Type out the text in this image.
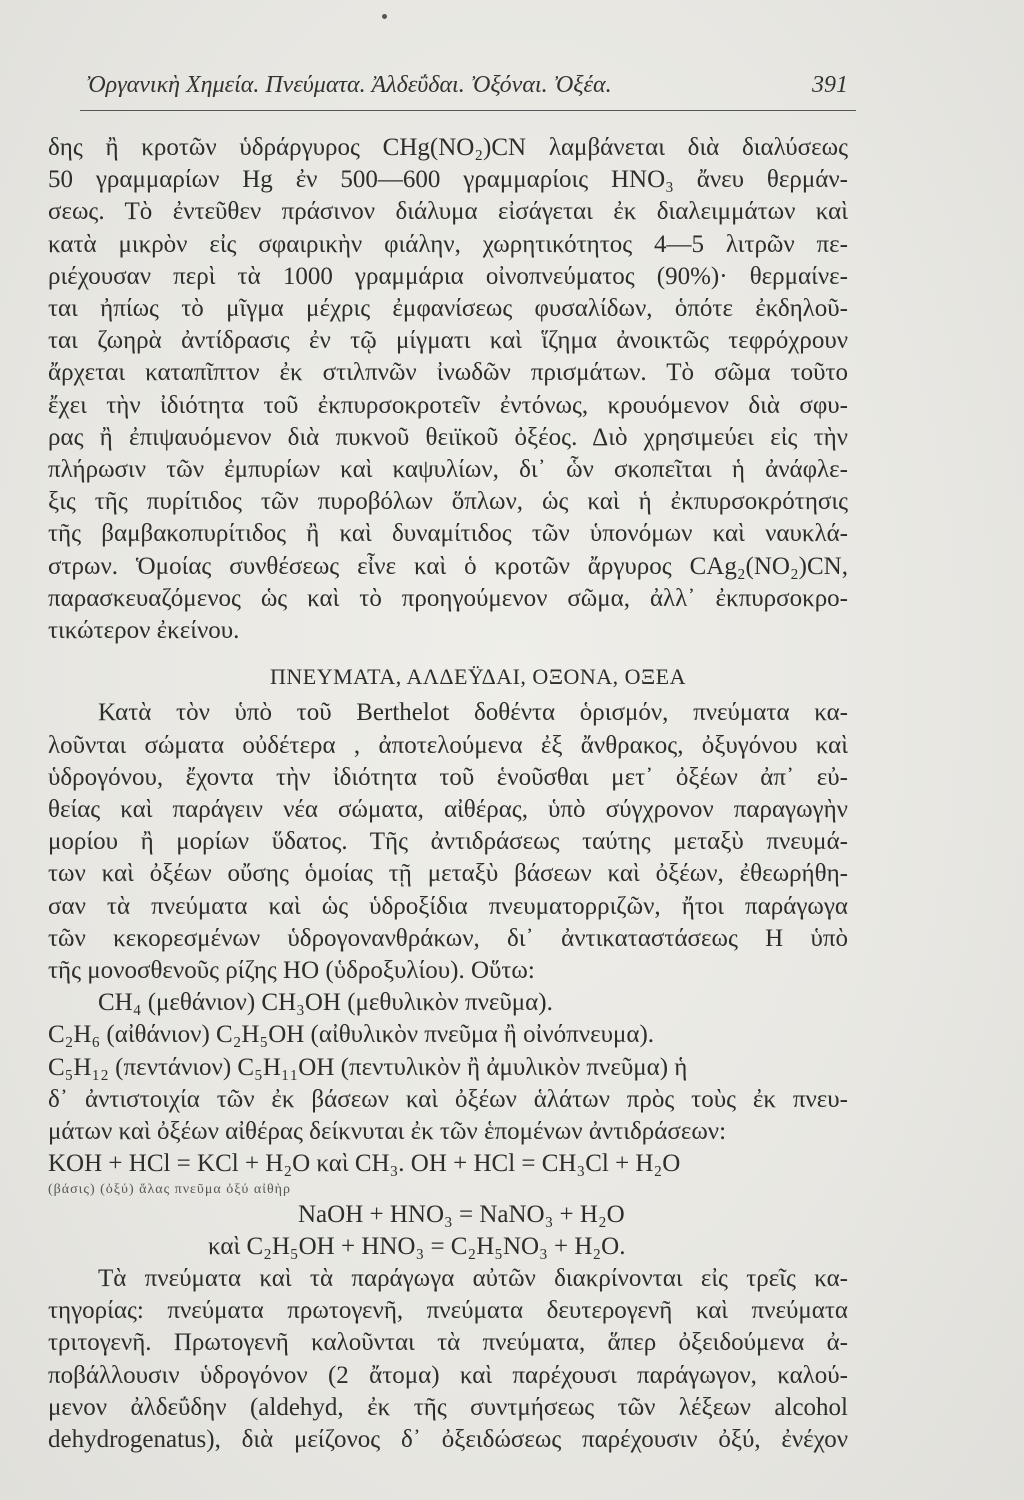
Ὀργανικὴ Χημεία. Πνεύματα. Ἀλδεΰδαι. Ὀξόναι. Ὀξέα.	391
δης ἢ κροτῶν ὑδράργυρος CHg(NO₂)CN λαμβάνεται διὰ διαλύσεως
50 γραμμαρίων Hg ἐν 500—600 γραμμαρίοις HNO₃ ἄνευ θερμάν-
σεως. Τὸ ἐντεῦθεν πράσινον διάλυμα εἰσάγεται ἐκ διαλειμμάτων καὶ
κατὰ μικρὸν εἰς σφαιρικὴν φιάλην, χωρητικότητος 4—5 λιτρῶν πε-
ριέχουσαν περὶ τὰ 1000 γραμμάρια οἰνοπνεύματος (90%)· θερμαίνε-
ται ἠπίως τὸ μῖγμα μέχρις ἐμφανίσεως φυσαλίδων, ὁπότε ἐκδηλοῦ-
ται ζωηρὰ ἀντίδρασις ἐν τῷ μίγματι καὶ ἵζημα ἀνοικτῶς τεφρόχρουν
ἄρχεται καταπῖπτον ἐκ στιλπνῶν ἰνωδῶν πρισμάτων. Τὸ σῶμα τοῦτο
ἔχει τὴν ἰδιότητα τοῦ ἐκπυρσοκροτεῖν ἐντόνως, κρουόμενον διὰ σφυ-
ρας ἢ ἐπιψαυόμενον διὰ πυκνοῦ θειϊκοῦ ὀξέος. Διὸ χρησιμεύει εἰς τὴν
πλήρωσιν τῶν ἐμπυρίων καὶ καψυλίων, δι᾽ ὧν σκοπεῖται ἡ ἀνάφλε-
ξις τῆς πυρίτιδος τῶν πυροβόλων ὅπλων, ὡς καὶ ἡ ἐκπυρσοκρότησις
τῆς βαμβακοπυρίτιδος ἢ καὶ δυναμίτιδος τῶν ὑπονόμων καὶ ναυκλά-
στρων. Ὁμοίας συνθέσεως εἶνε καὶ ὁ κροτῶν ἄργυρος CAg₂(NO₂)CN,
παρασκευαζόμενος ὡς καὶ τὸ προηγούμενον σῶμα, ἀλλ᾽ ἐκπυρσοκρο-
τικώτερον ἐκείνου.
ΠΝΕΥΜΑΤΑ, ΑΛΔΕΫΔΑΙ, ΟΞΟΝΑ, ΟΞΕΑ
Κατὰ τὸν ὑπὸ τοῦ Berthelot δοθέντα ὁρισμόν, πνεύματα κα-
λοῦνται σώματα οὐδέτερα , ἀποτελούμενα ἐξ ἄνθρακος, ὀξυγόνου καὶ
ὑδρογόνου, ἔχοντα τὴν ἰδιότητα τοῦ ἑνοῦσθαι μετ᾽ ὀξέων ἀπ᾽ εὐ-
θείας καὶ παράγειν νέα σώματα, αἰθέρας, ὑπὸ σύγχρονον παραγωγὴν
μορίου ἢ μορίων ὕδατος. Τῆς ἀντιδράσεως ταύτης μεταξὺ πνευμά-
των καὶ ὀξέων οὔσης ὁμοίας τῇ μεταξὺ βάσεων καὶ ὀξέων, ἐθεωρήθη-
σαν τὰ πνεύματα καὶ ὡς ὑδροξίδια πνευματορριζῶν, ἤτοι παράγωγα
τῶν κεκορεσμένων ὑδρογονανθράκων, δι᾽ ἀντικαταστάσεως H ὑπὸ
τῆς μονοσθενοῦς ρίζης HO (ὑδροξυλίου). Οὕτω:
CH₄ (μεθάνιον) CH₃OH (μεθυλικὸν πνεῦμα).
C₂H₆ (αἰθάνιον) C₂H₅OH (αἰθυλικὸν πνεῦμα ἢ οἰνόπνευμα).
C₅H₁₂ (πεντάνιον) C₅H₁₁OH (πεντυλικὸν ἢ ἀμυλικὸν πνεῦμα) ἡ
δ᾽ ἀντιστοιχία τῶν ἐκ βάσεων καὶ ὀξέων ἁλάτων πρὸς τοὺς ἐκ πνευ-
μάτων καὶ ὀξέων αἰθέρας δείκνυται ἐκ τῶν ἑπομένων ἀντιδράσεων:
KOH + HCl = KCl + H₂O καὶ CH₃. OH + HCl = CH₃Cl + H₂O
(βάσις) (ὀξύ) ἅλας πνεῦμα ὀξύ αἰθὴρ
NaOH + HNO₃ = NaNO₃ + H₂O
καὶ C₂H₅OH + HNO₃ = C₂H₅NO₃ + H₂O.
Τὰ πνεύματα καὶ τὰ παράγωγα αὐτῶν διακρίνονται εἰς τρεῖς κα-
τηγορίας: πνεύματα πρωτογενῆ, πνεύματα δευτερογενῆ καὶ πνεύματα
τριτογενῆ. Πρωτογενῆ καλοῦνται τὰ πνεύματα, ἅπερ ὀξειδούμενα ἀ-
ποβάλλουσιν ὑδρογόνον (2 ἄτομα) καὶ παρέχουσι παράγωγον, καλού-
μενον ἀλδεΰδην (aldehyd, ἐκ τῆς συντμήσεως τῶν λέξεων alcohol
dehydrogenatus), διὰ μείζονος δ᾽ ὀξειδώσεως παρέχουσιν ὀξύ, ἐνέχον
